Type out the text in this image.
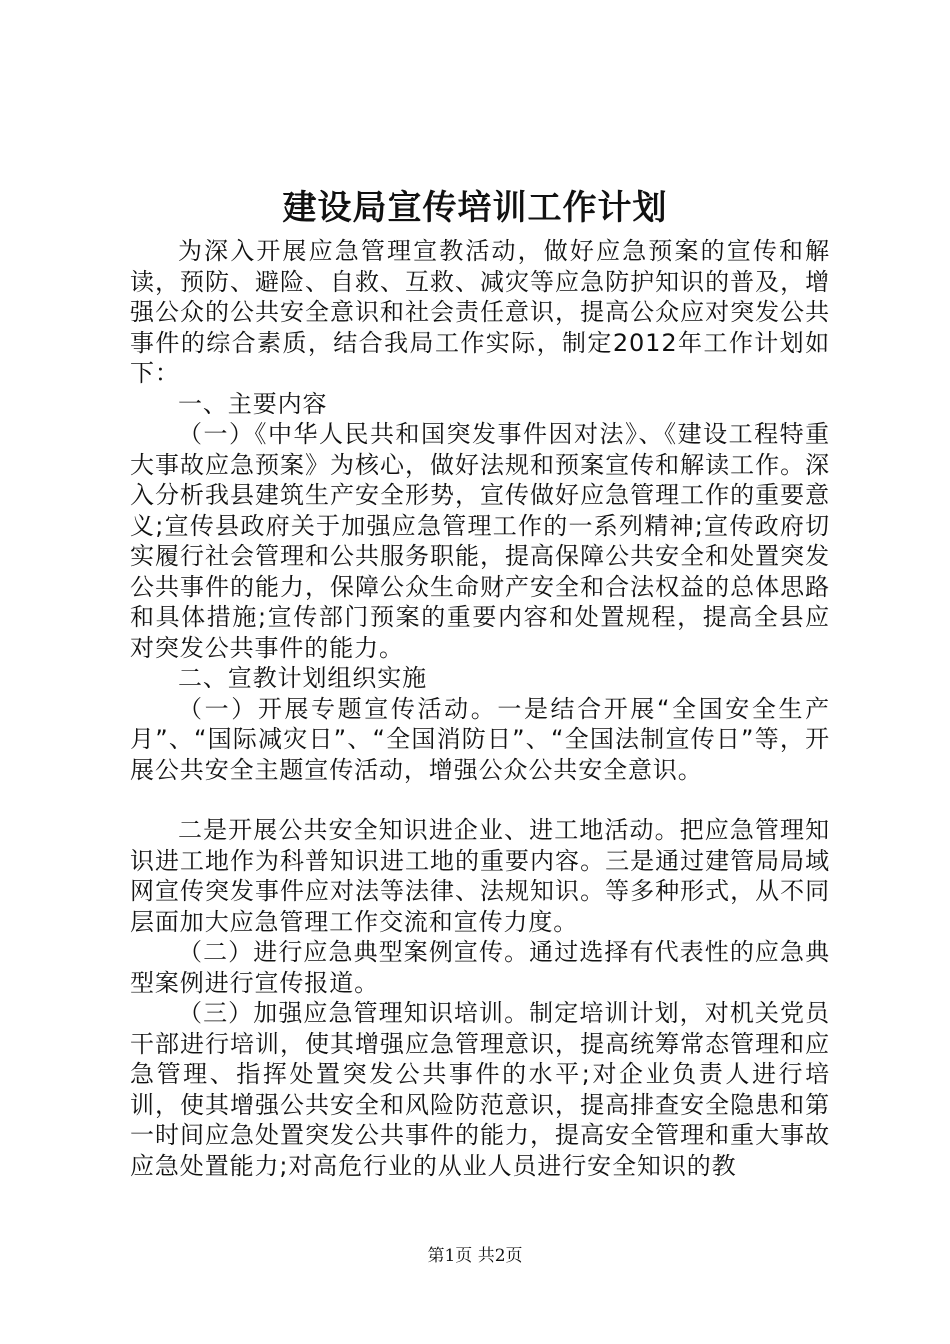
建设局宣传培训工作计划

为深入开展应急管理宣教活动，做好应急预案的宣传和解读，预防、避险、自救、互救、减灾等应急防护知识的普及，增强公众的公共安全意识和社会责任意识，提高公众应对突发公共事件的综合素质，结合我局工作实际，制定2012年工作计划如下：

一、主要内容

（一）《中华人民共和国突发事件因对法》、《建设工程特重大事故应急预案》为核心，做好法规和预案宣传和解读工作。深入分析我县建筑生产安全形势，宣传做好应急管理工作的重要意义;宣传县政府关于加强应急管理工作的一系列精神;宣传政府切实履行社会管理和公共服务职能，提高保障公共安全和处置突发公共事件的能力，保障公众生命财产安全和合法权益的总体思路和具体措施;宣传部门预案的重要内容和处置规程，提高全县应对突发公共事件的能力。

二、宣教计划组织实施

（一）开展专题宣传活动。一是结合开展“全国安全生产月”、“国际减灾日”、“全国消防日”、“全国法制宣传日”等，开展公共安全主题宣传活动，增强公众公共安全意识。

二是开展公共安全知识进企业、进工地活动。把应急管理知识进工地作为科普知识进工地的重要内容。三是通过建管局局域网宣传突发事件应对法等法律、法规知识。等多种形式，从不同层面加大应急管理工作交流和宣传力度。

（二）进行应急典型案例宣传。通过选择有代表性的应急典型案例进行宣传报道。

（三）加强应急管理知识培训。制定培训计划，对机关党员干部进行培训，使其增强应急管理意识，提高统筹常态管理和应急管理、指挥处置突发公共事件的水平;对企业负责人进行培训，使其增强公共安全和风险防范意识，提高排查安全隐患和第一时间应急处置突发公共事件的能力，提高安全管理和重大事故应急处置能力;对高危行业的从业人员进行安全知识的教

第1页 共2页
